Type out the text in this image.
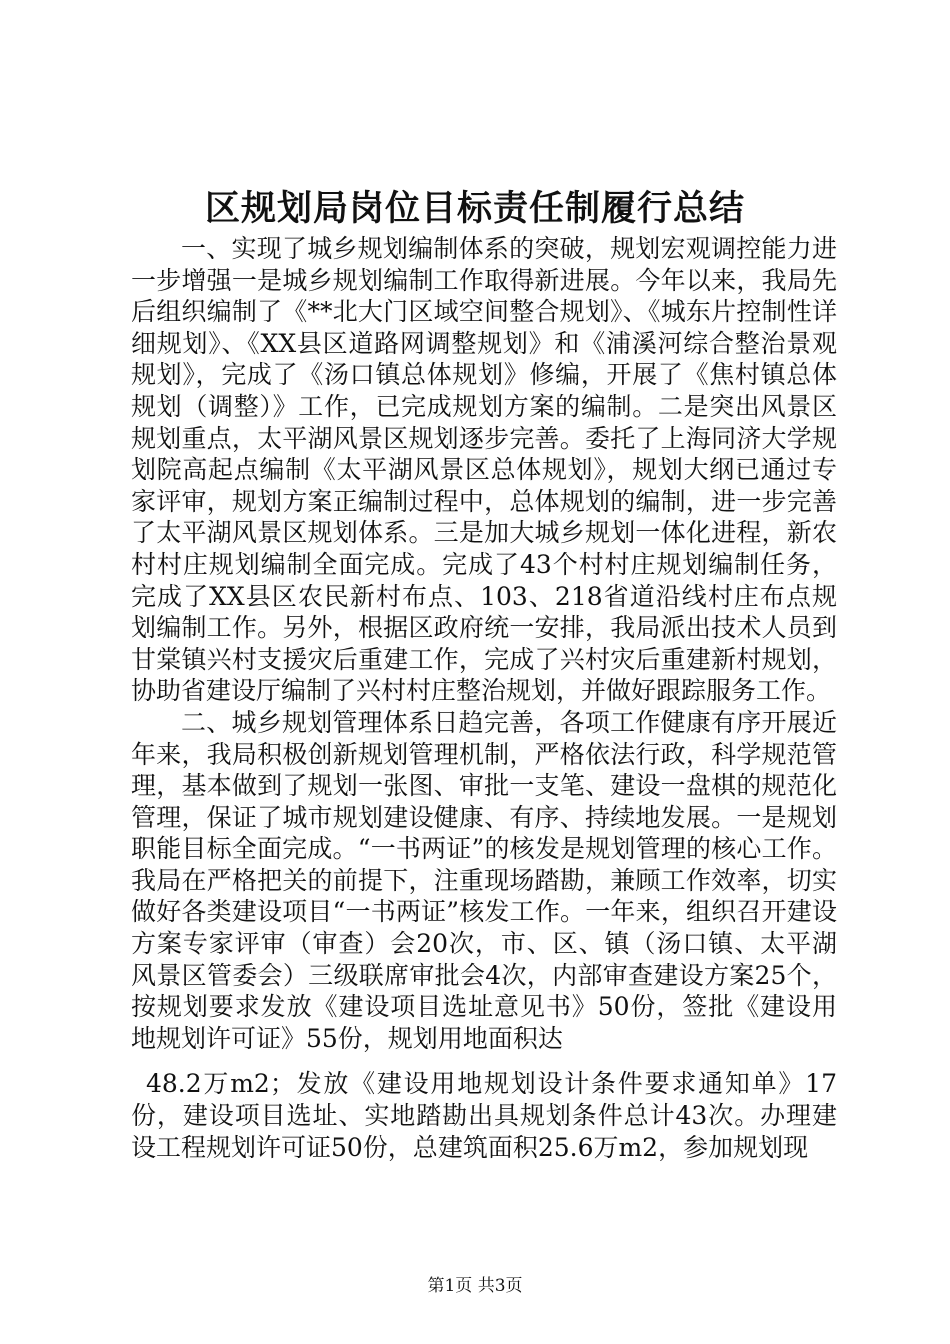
区规划局岗位目标责任制履行总结

一、实现了城乡规划编制体系的突破，规划宏观调控能力进一步增强一是城乡规划编制工作取得新进展。今年以来，我局先后组织编制了《**北大门区域空间整合规划》、《城东片控制性详细规划》、《XX县区道路网调整规划》和《浦溪河综合整治景观规划》，完成了《汤口镇总体规划》修编，开展了《焦村镇总体规划（调整）》工作，已完成规划方案的编制。二是突出风景区规划重点，太平湖风景区规划逐步完善。委托了上海同济大学规划院高起点编制《太平湖风景区总体规划》，规划大纲已通过专家评审，规划方案正编制过程中，总体规划的编制，进一步完善了太平湖风景区规划体系。三是加大城乡规划一体化进程，新农村村庄规划编制全面完成。完成了43个村村庄规划编制任务，完成了XX县区农民新村布点、103、218省道沿线村庄布点规划编制工作。另外，根据区政府统一安排，我局派出技术人员到甘棠镇兴村支援灾后重建工作，完成了兴村灾后重建新村规划，协助省建设厅编制了兴村村庄整治规划，并做好跟踪服务工作。

二、城乡规划管理体系日趋完善，各项工作健康有序开展近年来，我局积极创新规划管理机制，严格依法行政，科学规范管理，基本做到了规划一张图、审批一支笔、建设一盘棋的规范化管理，保证了城市规划建设健康、有序、持续地发展。一是规划职能目标全面完成。“一书两证”的核发是规划管理的核心工作。我局在严格把关的前提下，注重现场踏勘，兼顾工作效率，切实做好各类建设项目“一书两证”核发工作。一年来，组织召开建设方案专家评审（审查）会20次，市、区、镇（汤口镇、太平湖风景区管委会）三级联席审批会4次，内部审查建设方案25个，按规划要求发放《建设项目选址意见书》50份，签批《建设用地规划许可证》55份，规划用地面积达

48.2万m2；发放《建设用地规划设计条件要求通知单》17份，建设项目选址、实地踏勘出具规划条件总计43次。办理建设工程规划许可证50份，总建筑面积25.6万m2，参加规划现

第1页 共3页
